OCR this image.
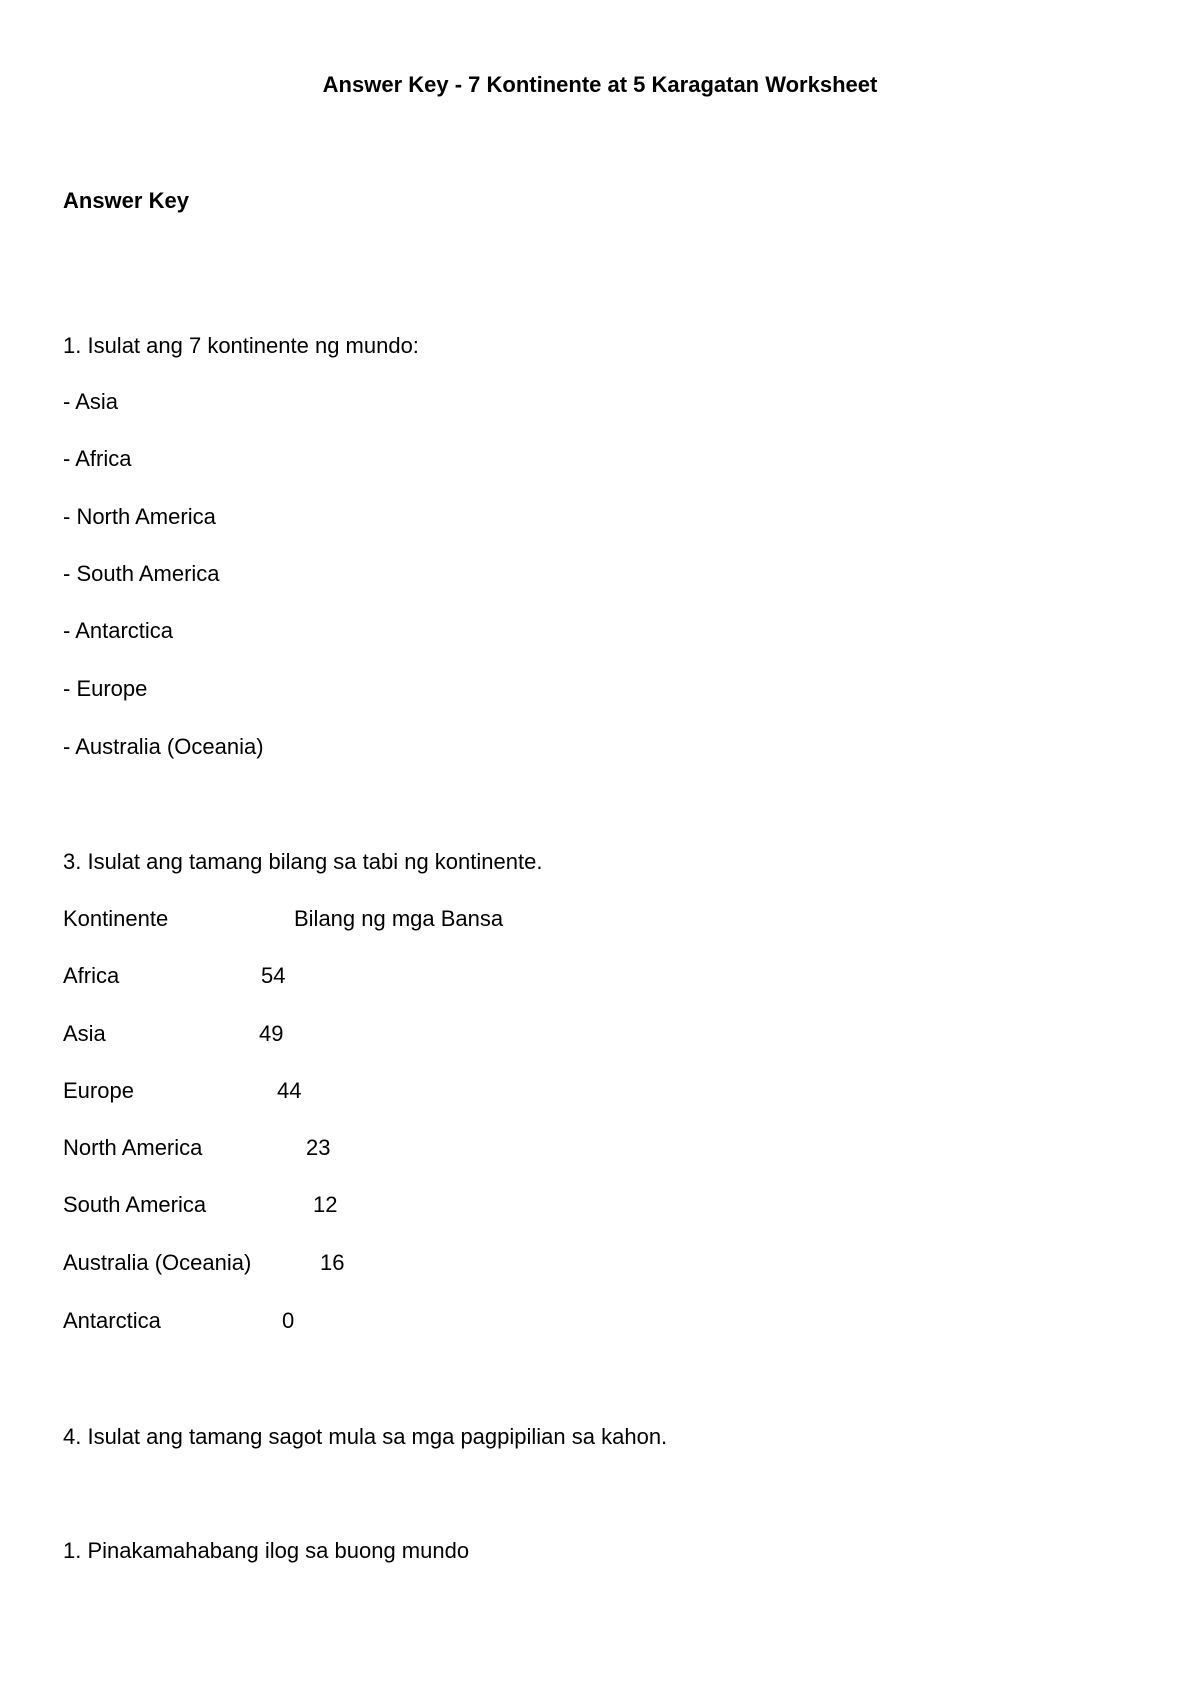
Answer Key - 7 Kontinente at 5 Karagatan Worksheet
Answer Key
1. Isulat ang 7 kontinente ng mundo:
- Asia
- Africa
- North America
- South America
- Antarctica
- Europe
- Australia (Oceania)
3. Isulat ang tamang bilang sa tabi ng kontinente.
Kontinente	Bilang ng mga Bansa
Africa	54
Asia	49
Europe	44
North America	23
South America	12
Australia (Oceania)	16
Antarctica	0
4. Isulat ang tamang sagot mula sa mga pagpipilian sa kahon.
1. Pinakamahabang ilog sa buong mundo
